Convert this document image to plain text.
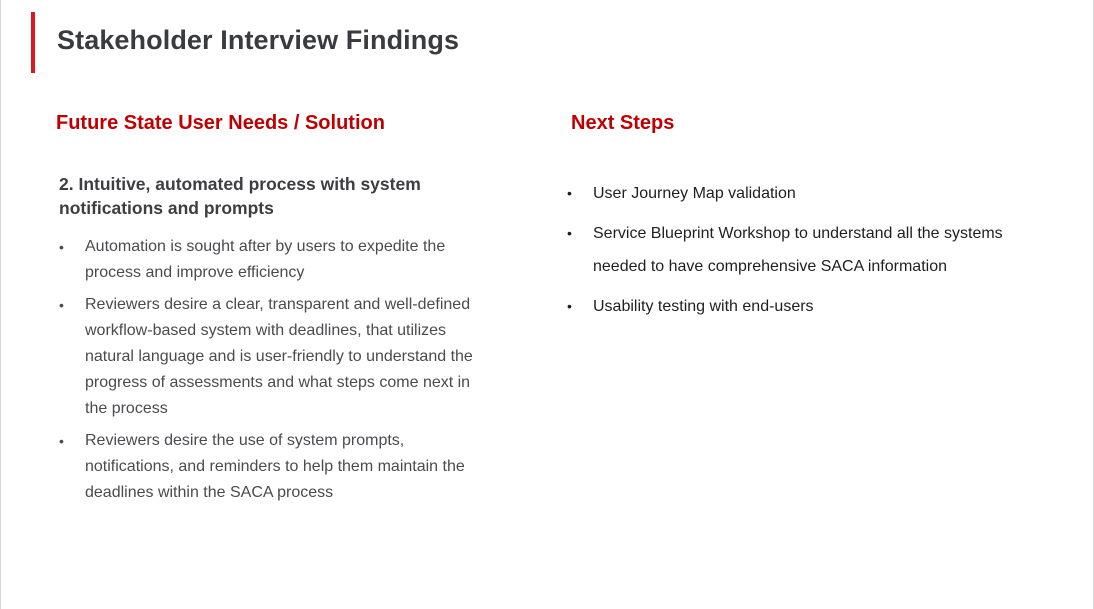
Stakeholder Interview Findings
Future State User Needs / Solution	Next Steps
2. Intuitive, automated process with system notifications and prompts
• Automation is sought after by users to expedite the process and improve efficiency
• Reviewers desire a clear, transparent and well-defined workflow-based system with deadlines, that utilizes natural language and is user-friendly to understand the progress of assessments and what steps come next in the process
• Reviewers desire the use of system prompts, notifications, and reminders to help them maintain the deadlines within the SACA process
• User Journey Map validation
• Service Blueprint Workshop to understand all the systems needed to have comprehensive SACA information
• Usability testing with end-users
